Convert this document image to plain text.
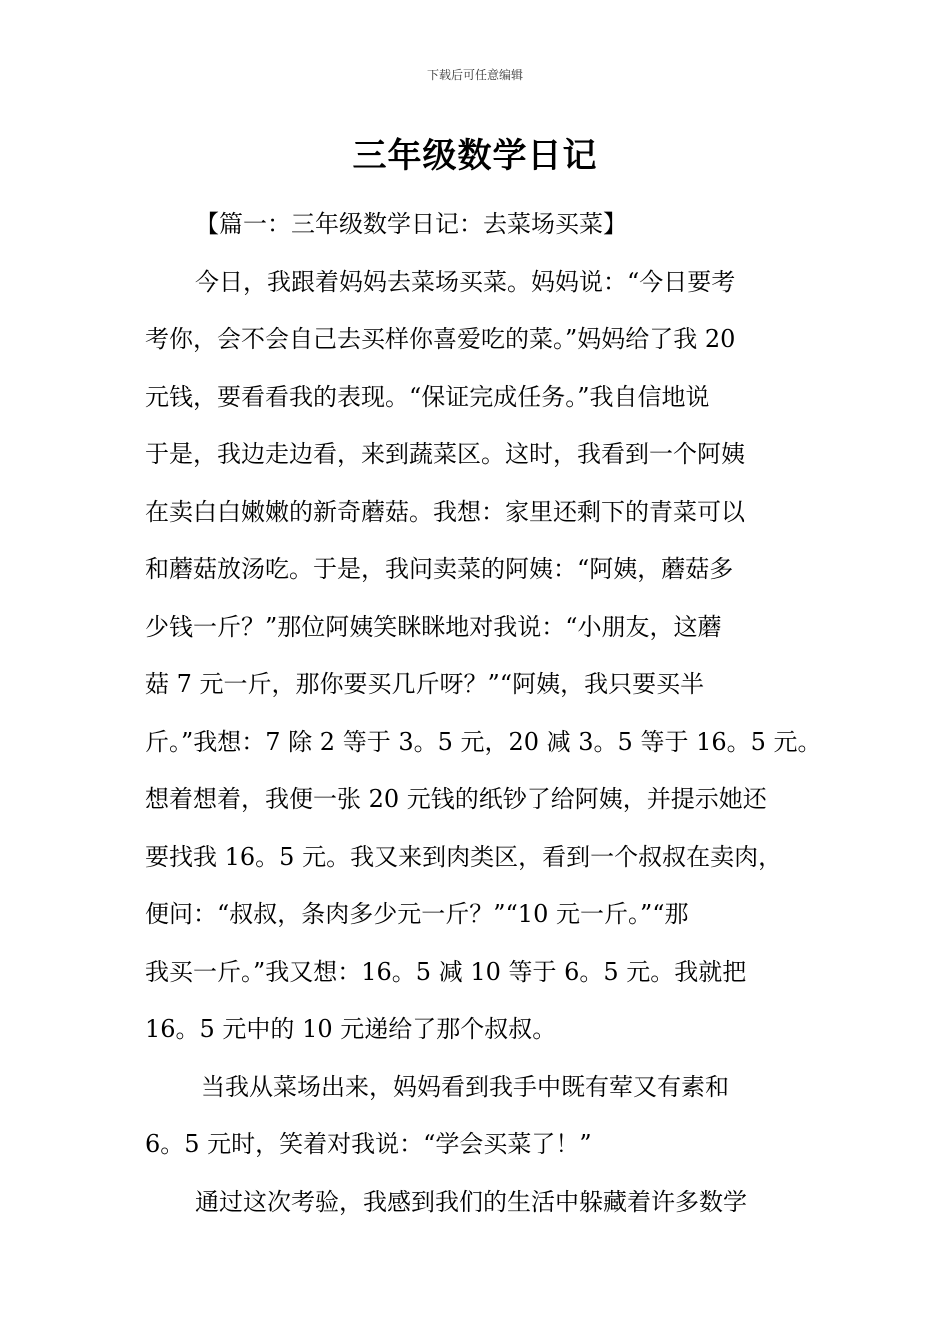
下载后可任意编辑
三年级数学日记
【篇一：三年级数学日记：去菜场买菜】
今日，我跟着妈妈去菜场买菜。妈妈说：“今日要考
考你，会不会自己去买样你喜爱吃的菜。”妈妈给了我 20
元钱，要看看我的表现。“保证完成任务。”我自信地说
于是，我边走边看，来到蔬菜区。这时，我看到一个阿姨
在卖白白嫩嫩的新奇蘑菇。我想：家里还剩下的青菜可以
和蘑菇放汤吃。于是，我问卖菜的阿姨：“阿姨，蘑菇多
少钱一斤？”那位阿姨笑眯眯地对我说：“小朋友，这蘑
菇 7 元一斤，那你要买几斤呀？”“阿姨，我只要买半
斤。”我想：7 除 2 等于 3。5 元，20 减 3。5 等于 16。5 元。
想着想着，我便一张 20 元钱的纸钞了给阿姨，并提示她还
要找我 16。5 元。我又来到肉类区，看到一个叔叔在卖肉，
便问：“叔叔，条肉多少元一斤？”“10 元一斤。”“那
我买一斤。”我又想：16。5 减 10 等于 6。5 元。我就把
16。5 元中的 10 元递给了那个叔叔。
当我从菜场出来，妈妈看到我手中既有荤又有素和
6。5 元时，笑着对我说：“学会买菜了！”
通过这次考验，我感到我们的生活中躲藏着许多数学
